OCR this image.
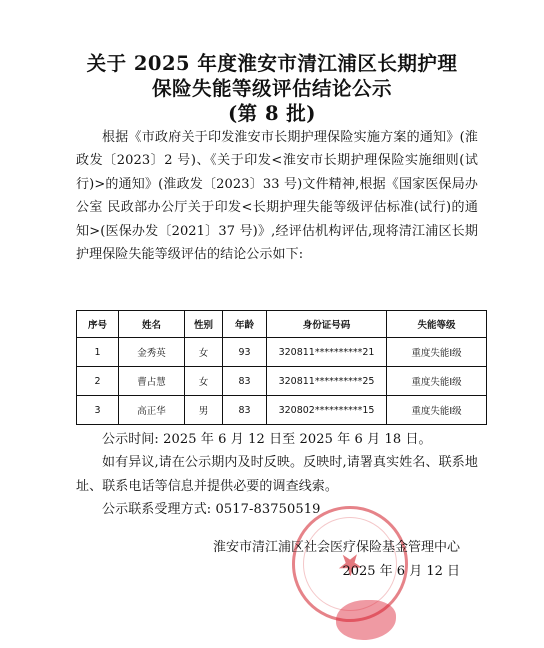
关于 2025 年度淮安市清江浦区长期护理
保险失能等级评估结论公示
(第 8 批)

根据《市政府关于印发淮安市长期护理保险实施方案的通知》(淮政发〔2023〕2 号)、《关于印发<淮安市长期护理保险实施细则(试行)>的通知》(淮政发〔2023〕33 号)文件精神,根据《国家医保局办公室 民政部办公厅关于印发<长期护理失能等级评估标准(试行)的通知>(医保办发〔2021〕37 号)》,经评估机构评估,现将清江浦区长期护理保险失能等级评估的结论公示如下:

序号	姓名	性别	年龄	身份证号码	失能等级
1	金秀英	女	93	320811**********21	重度失能Ⅰ级
2	曹占慧	女	83	320811**********25	重度失能Ⅰ级
3	高正华	男	83	320802**********15	重度失能Ⅰ级

公示时间: 2025 年 6 月 12 日至 2025 年 6 月 18 日。

如有异议,请在公示期内及时反映。反映时,请署真实姓名、联系地址、联系电话等信息并提供必要的调查线索。

公示联系受理方式: 0517-83750519

★
淮安市清江浦区社会医疗保险基金管理中心
2025 年 6 月 12 日
